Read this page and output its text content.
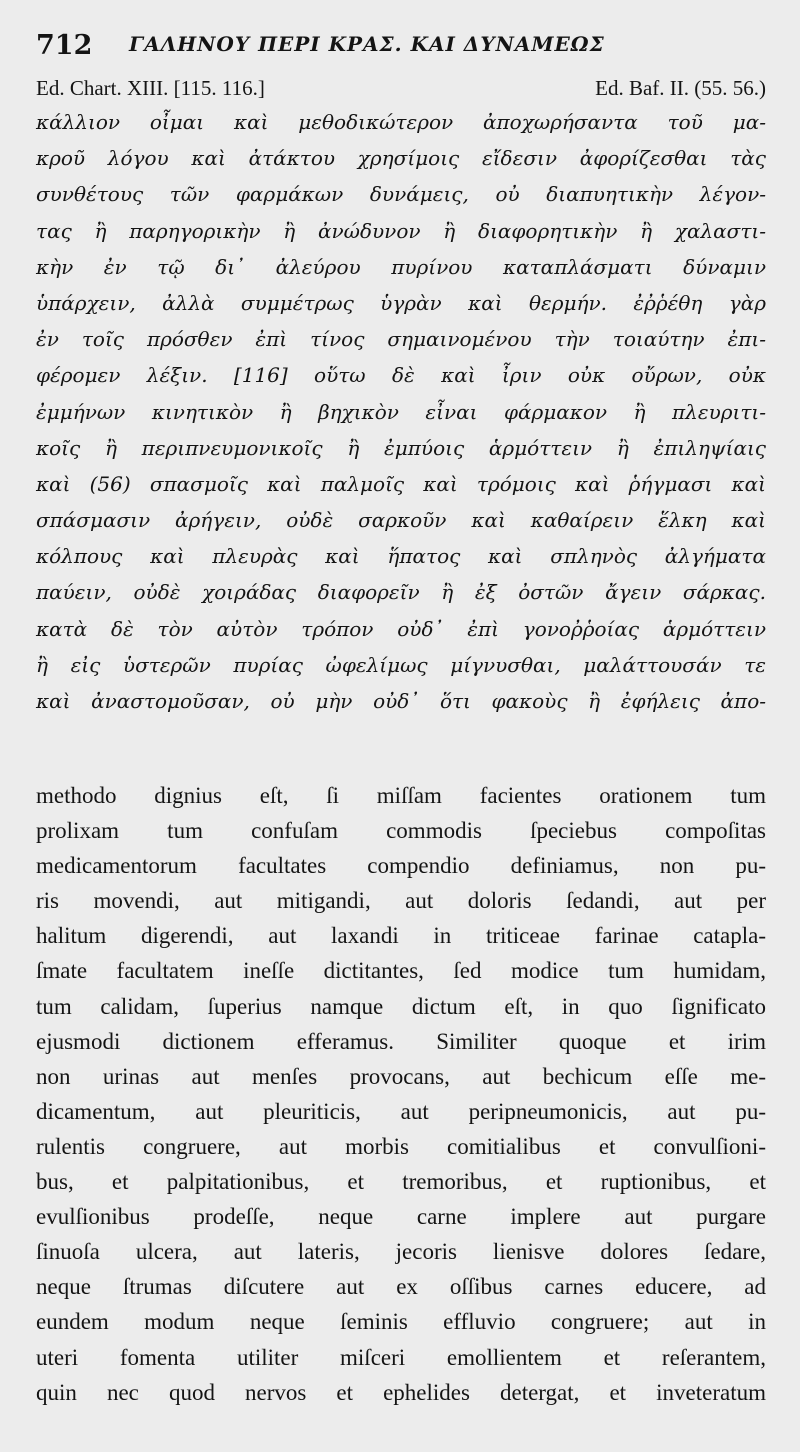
712 ΓΑΛΗΝΟΥ ΠΕΡΙ ΚΡΑΣ. ΚΑΙ ΔΥΝΑΜΕΩΣ
Ed. Chart. XIII. [115. 116.]	Ed. Baf. II. (55. 56.)
κάλλιον οἶμαι καὶ μεθοδικώτερον ἀποχωρήσαντα τοῦ μα-
κροῦ λόγου καὶ ἀτάκτου χρησίμοις εἴδεσιν ἀφορίζεσθαι τὰς
συνθέτους τῶν φαρμάκων δυνάμεις, οὐ διαπυητικὴν λέγον-
τας ἢ παρηγορικὴν ἢ ἀνώδυνον ἢ διαφορητικὴν ἢ χαλαστι-
κὴν ἐν τῷ δι᾽ ἀλεύρου πυρίνου καταπλάσματι δύναμιν
ὑπάρχειν, ἀλλὰ συμμέτρως ὑγρὰν καὶ θερμήν. ἐῤῥέθη γὰρ
ἐν τοῖς πρόσθεν ἐπὶ τίνος σημαινομένου τὴν τοιαύτην ἐπι-
φέρομεν λέξιν. [116] οὕτω δὲ καὶ ἶριν οὐκ οὔρων, οὐκ
ἐμμήνων κινητικὸν ἢ βηχικὸν εἶναι φάρμακον ἢ πλευριτι-
κοῖς ἢ περιπνευμονικοῖς ἢ ἐμπύοις ἁρμόττειν ἢ ἐπιληψίαις
καὶ (56) σπασμοῖς καὶ παλμοῖς καὶ τρόμοις καὶ ῥήγμασι καὶ
σπάσμασιν ἀρήγειν, οὐδὲ σαρκοῦν καὶ καθαίρειν ἕλκη καὶ
κόλπους καὶ πλευρὰς καὶ ἥπατος καὶ σπληνὸς ἀλγήματα
παύειν, οὐδὲ χοιράδας διαφορεῖν ἢ ἐξ ὀστῶν ἄγειν σάρκας.
κατὰ δὲ τὸν αὐτὸν τρόπον οὐδ᾽ ἐπὶ γονοῤῥοίας ἁρμόττειν
ἢ εἰς ὑστερῶν πυρίας ὠφελίμως μίγνυσθαι, μαλάττουσάν τε
καὶ ἀναστομοῦσαν, οὐ μὴν οὐδ᾽ ὅτι φακοὺς ἢ ἐφήλεις ἀπο-
methodo dignius eſt, ſi miſſam facientes orationem tum
prolixam tum confuſam commodis ſpeciebus compoſitas
medicamentorum facultates compendio definiamus, non pu-
ris movendi, aut mitigandi, aut doloris ſedandi, aut per
halitum digerendi, aut laxandi in triticeae farinae catapla-
ſmate facultatem ineſſe dictitantes, ſed modice tum humidam,
tum calidam, ſuperius namque dictum eſt, in quo ſignificato
ejusmodi dictionem efferamus. Similiter quoque et irim
non urinas aut menſes provocans, aut bechicum eſſe me-
dicamentum, aut pleuriticis, aut peripneumonicis, aut pu-
rulentis congruere, aut morbis comitialibus et convulſioni-
bus, et palpitationibus, et tremoribus, et ruptionibus, et
evulſionibus prodeſſe, neque carne implere aut purgare
ſinuoſa ulcera, aut lateris, jecoris lienisve dolores ſedare,
neque ſtrumas diſcutere aut ex oſſibus carnes educere, ad
eundem modum neque ſeminis effluvio congruere; aut in
uteri fomenta utiliter miſceri emollientem et reſerantem,
quin nec quod nervos et ephelides detergat, et inveteratum
